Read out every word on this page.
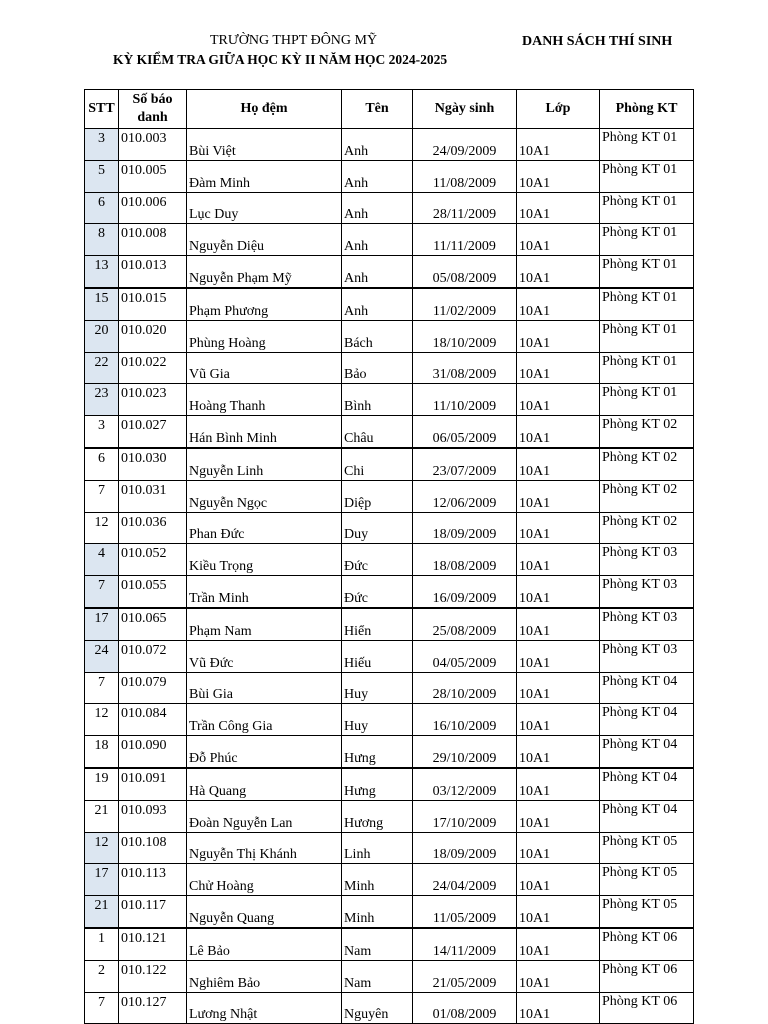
TRƯỜNG THPT ĐÔNG MỸ
KỲ KIỂM TRA GIỮA HỌC KỲ II NĂM HỌC 2024-2025
DANH SÁCH THÍ SINH
STT	Số báo danh	Họ đệm	Tên	Ngày sinh	Lớp	Phòng KT
3	010.003	Bùi Việt	Anh	24/09/2009	10A1	Phòng KT 01
5	010.005	Đàm Minh	Anh	11/08/2009	10A1	Phòng KT 01
6	010.006	Lục Duy	Anh	28/11/2009	10A1	Phòng KT 01
8	010.008	Nguyễn Diệu	Anh	11/11/2009	10A1	Phòng KT 01
13	010.013	Nguyễn Phạm Mỹ	Anh	05/08/2009	10A1	Phòng KT 01
15	010.015	Phạm Phương	Anh	11/02/2009	10A1	Phòng KT 01
20	010.020	Phùng Hoàng	Bách	18/10/2009	10A1	Phòng KT 01
22	010.022	Vũ Gia	Bảo	31/08/2009	10A1	Phòng KT 01
23	010.023	Hoàng Thanh	Bình	11/10/2009	10A1	Phòng KT 01
3	010.027	Hán Bình Minh	Châu	06/05/2009	10A1	Phòng KT 02
6	010.030	Nguyễn Linh	Chi	23/07/2009	10A1	Phòng KT 02
7	010.031	Nguyễn Ngọc	Diệp	12/06/2009	10A1	Phòng KT 02
12	010.036	Phan Đức	Duy	18/09/2009	10A1	Phòng KT 02
4	010.052	Kiều Trọng	Đức	18/08/2009	10A1	Phòng KT 03
7	010.055	Trần Minh	Đức	16/09/2009	10A1	Phòng KT 03
17	010.065	Phạm Nam	Hiển	25/08/2009	10A1	Phòng KT 03
24	010.072	Vũ Đức	Hiếu	04/05/2009	10A1	Phòng KT 03
7	010.079	Bùi Gia	Huy	28/10/2009	10A1	Phòng KT 04
12	010.084	Trần Công Gia	Huy	16/10/2009	10A1	Phòng KT 04
18	010.090	Đỗ Phúc	Hưng	29/10/2009	10A1	Phòng KT 04
19	010.091	Hà Quang	Hưng	03/12/2009	10A1	Phòng KT 04
21	010.093	Đoàn Nguyễn Lan	Hương	17/10/2009	10A1	Phòng KT 04
12	010.108	Nguyễn Thị Khánh	Linh	18/09/2009	10A1	Phòng KT 05
17	010.113	Chử Hoàng	Minh	24/04/2009	10A1	Phòng KT 05
21	010.117	Nguyễn Quang	Minh	11/05/2009	10A1	Phòng KT 05
1	010.121	Lê Bảo	Nam	14/11/2009	10A1	Phòng KT 06
2	010.122	Nghiêm Bảo	Nam	21/05/2009	10A1	Phòng KT 06
7	010.127	Lương Nhật	Nguyên	01/08/2009	10A1	Phòng KT 06
